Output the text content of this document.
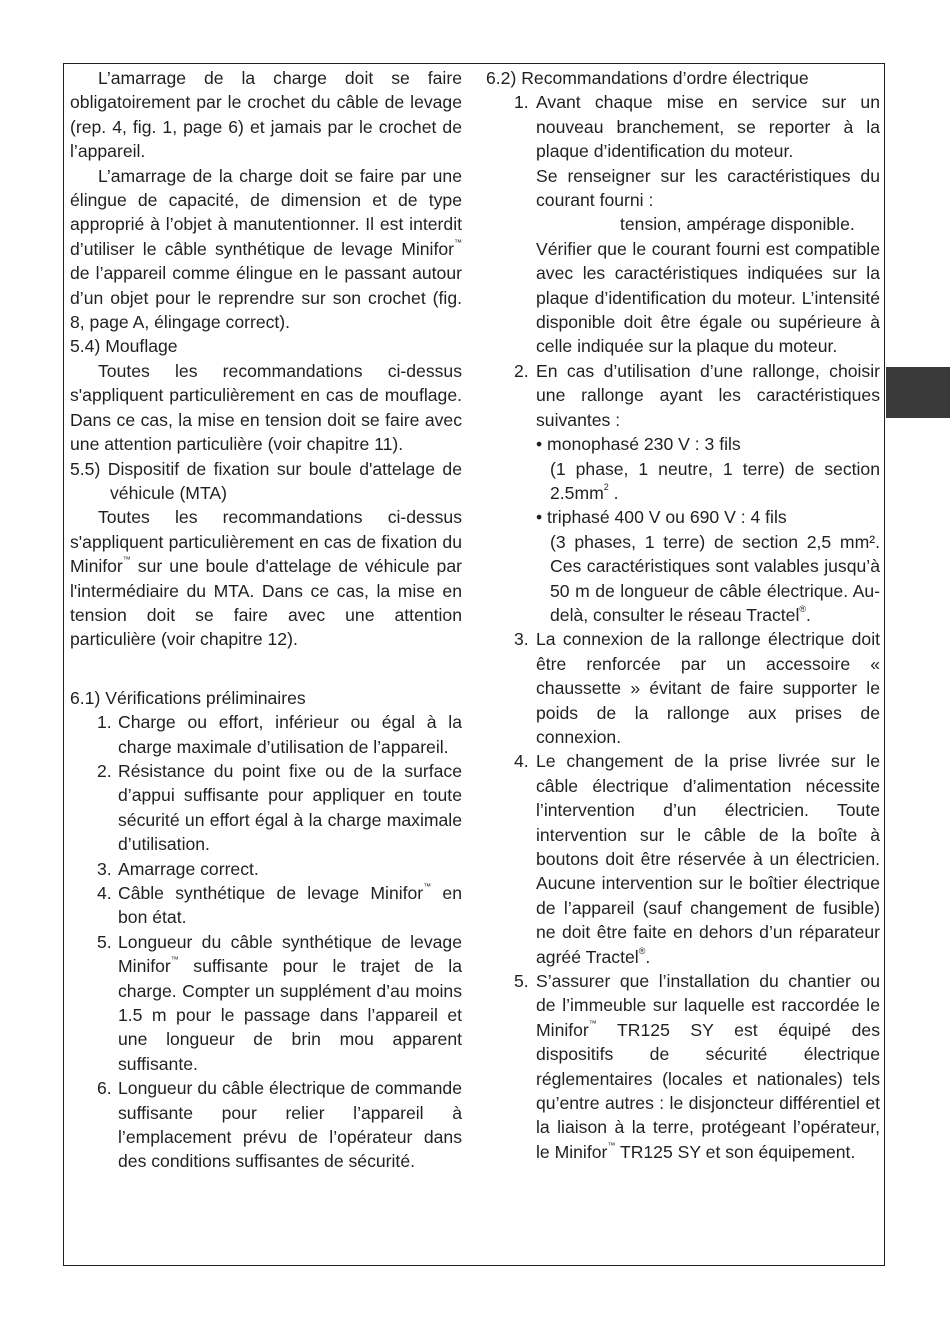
L’amarrage de la charge doit se faire obligatoirement par le crochet du câble de levage (rep. 4, fig. 1, page 6) et jamais par le crochet de l’appareil.

L’amarrage de la charge doit se faire par une élingue de capacité, de dimension et de type approprié à l’objet à manutentionner. Il est interdit d’utiliser le câble synthétique de levage Minifor™ de l’appareil comme élingue en le passant autour d’un objet pour le reprendre sur son crochet (fig. 8, page A, élingage correct).

5.4) Mouflage

Toutes les recommandations ci-dessus s'appliquent particulièrement en cas de mouflage. Dans ce cas, la mise en tension doit se faire avec une attention particulière (voir chapitre 11).

5.5) Dispositif de fixation sur boule d'attelage de véhicule (MTA)

Toutes les recommandations ci-dessus s'appliquent particulièrement en cas de fixation du Minifor™ sur une boule d'attelage de véhicule par l'intermédiaire du MTA. Dans ce cas, la mise en tension doit se faire avec une attention particulière (voir chapitre 12).

6.1) Vérifications préliminaires

1. Charge ou effort, inférieur ou égal à la charge maximale d’utilisation de l’appareil.
2. Résistance du point fixe ou de la surface d’appui suffisante pour appliquer en toute sécurité un effort égal à la charge maximale d’utilisation.
3. Amarrage correct.
4. Câble synthétique de levage Minifor™ en bon état.
5. Longueur du câble synthétique de levage Minifor™ suffisante pour le trajet de la charge. Compter un supplément d’au moins 1.5 m pour le passage dans l’appareil et une longueur de brin mou apparent suffisante.
6. Longueur du câble électrique de commande suffisante pour relier l’appareil à l’emplacement prévu de l’opérateur dans des conditions suffisantes de sécurité.

6.2) Recommandations d’ordre électrique

1. Avant chaque mise en service sur un nouveau branchement, se reporter à la plaque d’identification du moteur.
Se renseigner sur les caractéristiques du courant fourni :
tension, ampérage disponible.
Vérifier que le courant fourni est compatible avec les caractéristiques indiquées sur la plaque d’identification du moteur. L’intensité disponible doit être égale ou supérieure à celle indiquée sur la plaque du moteur.
2. En cas d’utilisation d’une rallonge, choisir une rallonge ayant les caractéristiques suivantes :
• monophasé 230 V : 3 fils
(1 phase, 1 neutre, 1 terre) de section $2.5mm^2$ .
• triphasé 400 V ou 690 V : 4 fils
(3 phases, 1 terre) de section 2,5 mm². Ces caractéristiques sont valables jusqu’à 50 m de longueur de câble électrique. Au-delà, consulter le réseau Tractel®.
3. La connexion de la rallonge électrique doit être renforcée par un accessoire « chaussette » évitant de faire supporter le poids de la rallonge aux prises de connexion.
4. Le changement de la prise livrée sur le câble électrique d’alimentation nécessite l’intervention d’un électricien. Toute intervention sur le câble de la boîte à boutons doit être réservée à un électricien. Aucune intervention sur le boîtier électrique de l’appareil (sauf changement de fusible) ne doit être faite en dehors d’un réparateur agréé Tractel®.
5. S’assurer que l’installation du chantier ou de l’immeuble sur laquelle est raccordée le Minifor™ TR125 SY est équipé des dispositifs de sécurité électrique réglementaires (locales et nationales) tels qu’entre autres : le disjoncteur différentiel et la liaison à la terre, protégeant l’opérateur, le Minifor™ TR125 SY et son équipement.
